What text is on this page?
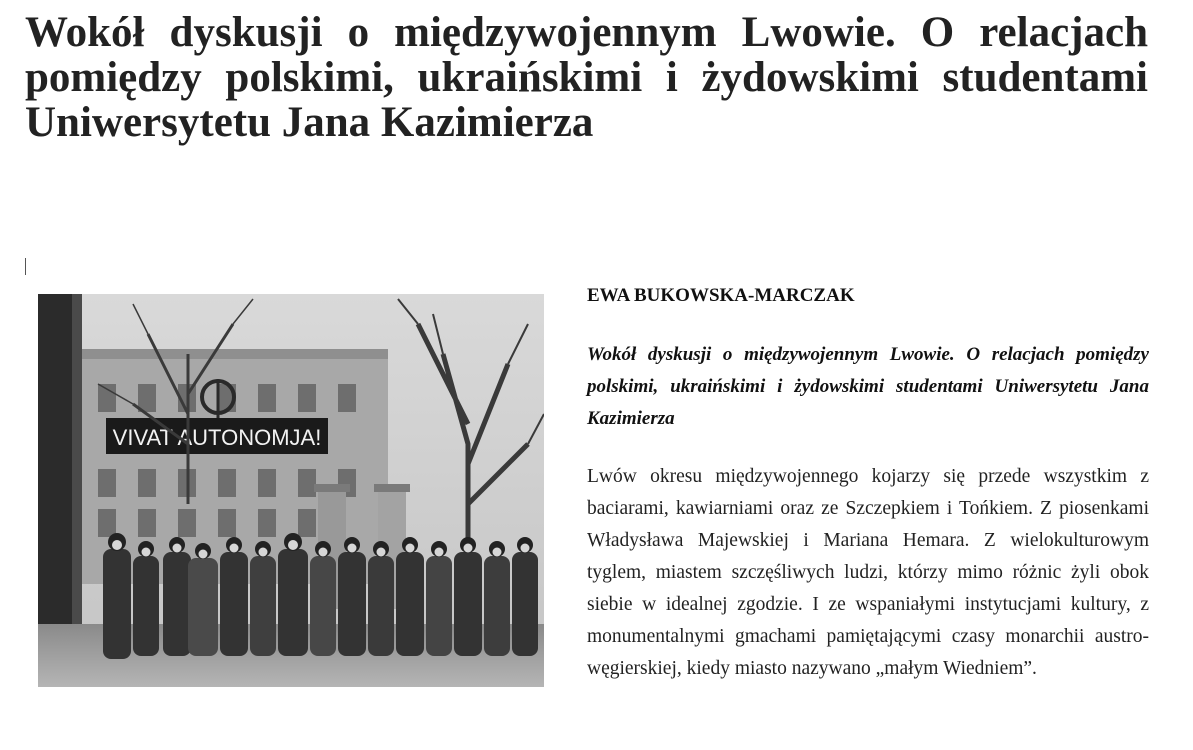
Wokół dyskusji o międzywojennym Lwowie. O relacjach pomiędzy polskimi, ukraińskimi i żydowskimi studentami Uniwersytetu Jana Kazimierza
VIVAT AUTONOMJA!

EWA BUKOWSKA-MARCZAK

Wokół dyskusji o międzywojennym Lwowie. O relacjach pomiędzy polskimi, ukraińskimi i żydowskimi studentami Uniwersytetu Jana Kazimierza

Lwów okresu międzywojennego kojarzy się przede wszystkim z baciarami, kawiarniami oraz ze Szczepkiem i Tońkiem. Z piosenkami Władysława Majewskiej i Mariana Hemara. Z wielokulturowym tyglem, miastem szczęśliwych ludzi, którzy mimo różnic żyli obok siebie w idealnej zgodzie. I ze wspaniałymi instytucjami kultury, z monumentalnymi gmachami pamiętającymi czasy monarchii austro-węgierskiej, kiedy miasto nazywano „małym Wiedniem”.
